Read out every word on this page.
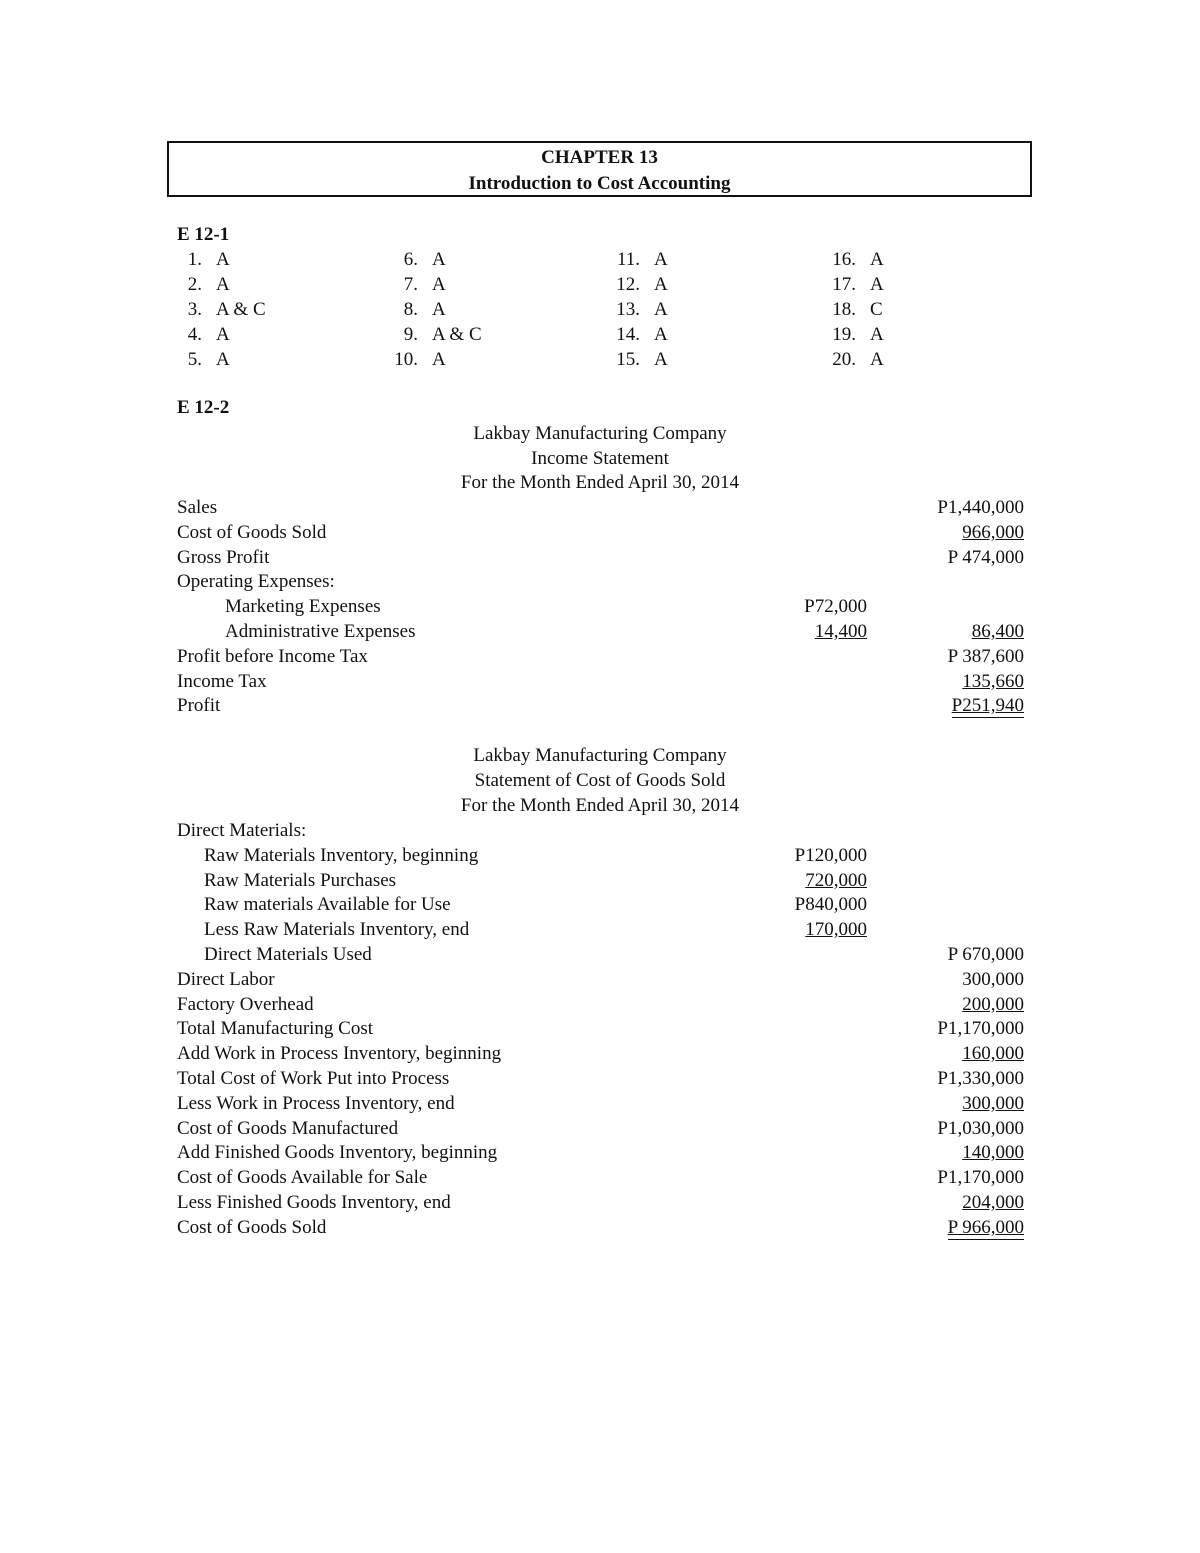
CHAPTER 13
Introduction to Cost Accounting
E 12-1
1. A
2. A
3. A & C
4. A
5. A
6. A
7. A
8. A
9. A & C
10. A
11. A
12. A
13. A
14. A
15. A
16. A
17. A
18. C
19. A
20. A
E 12-2
Lakbay Manufacturing Company
Income Statement
For the Month Ended April 30, 2014
Sales	P1,440,000
Cost of Goods Sold	966,000
Gross Profit	P 474,000
Operating Expenses:
Marketing Expenses	P72,000
Administrative Expenses	14,400	86,400
Profit before Income Tax	P 387,600
Income Tax	135,660
Profit	P251,940
Lakbay Manufacturing Company
Statement of Cost of Goods Sold
For the Month Ended April 30, 2014
Direct Materials:
Raw Materials Inventory, beginning	P120,000
Raw Materials Purchases	720,000
Raw materials Available for Use	P840,000
Less Raw Materials Inventory, end	170,000
Direct Materials Used	P 670,000
Direct Labor	300,000
Factory Overhead	200,000
Total Manufacturing Cost	P1,170,000
Add Work in Process Inventory, beginning	160,000
Total Cost of Work Put into Process	P1,330,000
Less Work in Process Inventory, end	300,000
Cost of Goods Manufactured	P1,030,000
Add Finished Goods Inventory, beginning	140,000
Cost of Goods Available for Sale	P1,170,000
Less Finished Goods Inventory, end	204,000
Cost of Goods Sold	P 966,000
